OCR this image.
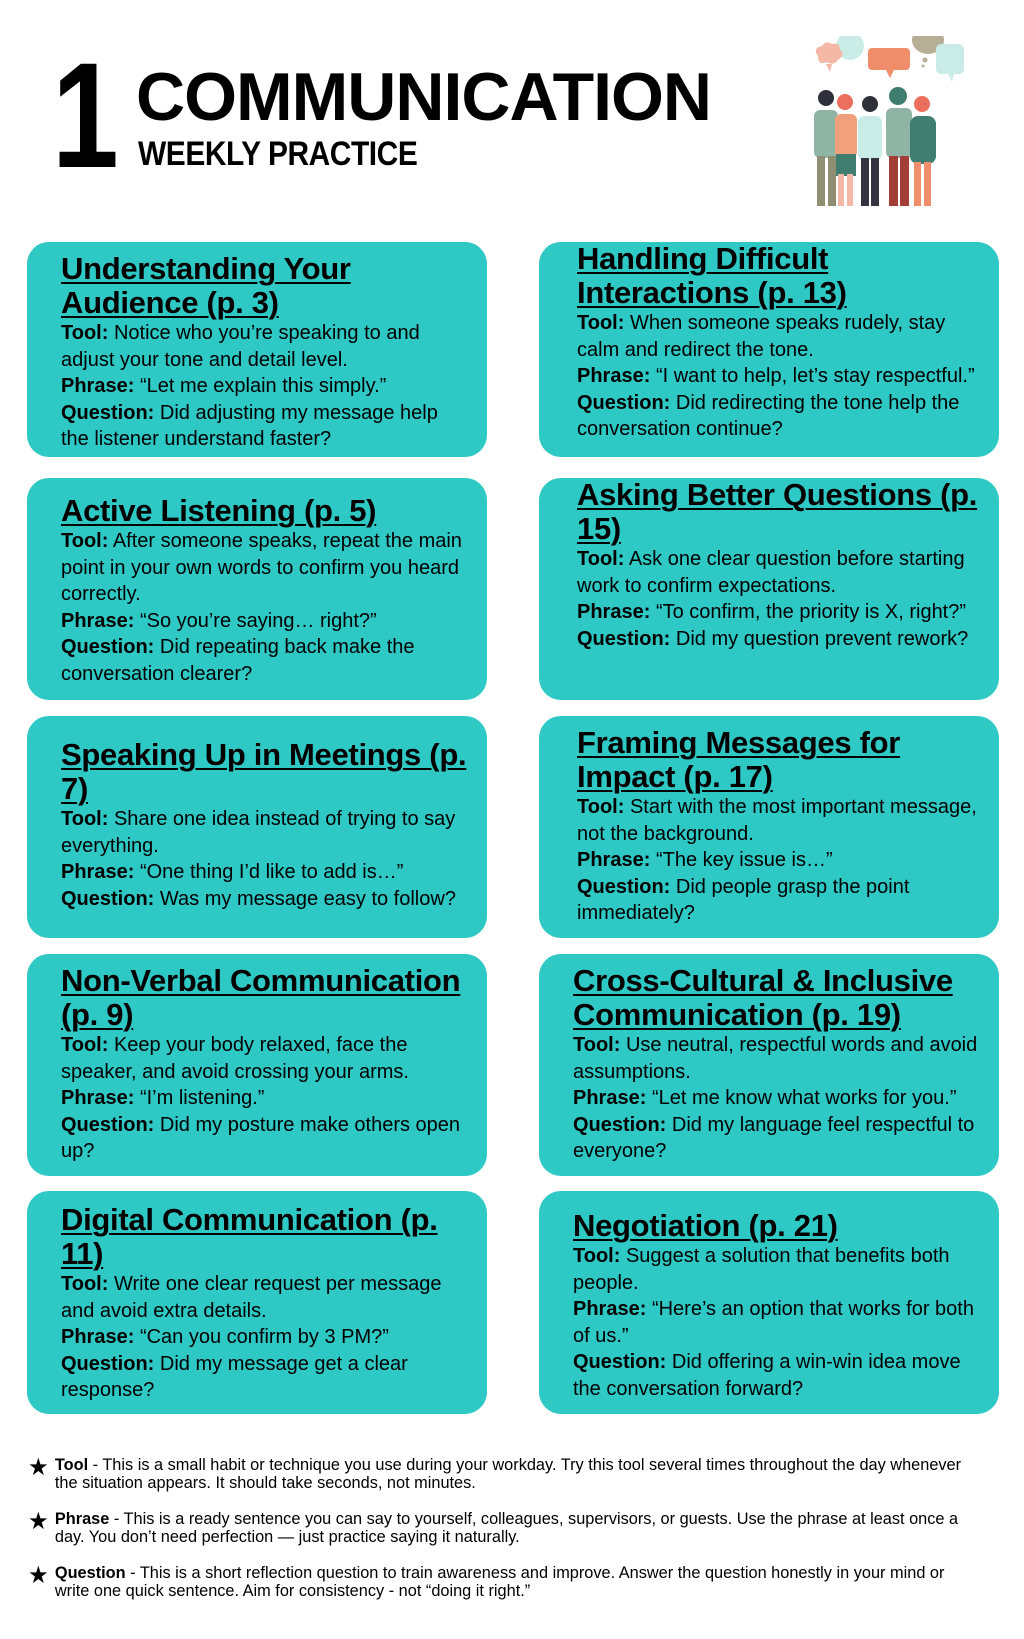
1 COMMUNICATION
WEEKLY PRACTICE

Understanding Your Audience (p. 3)

Tool: Notice who you’re speaking to and adjust your tone and detail level.

Phrase: “Let me explain this simply.”

Question: Did adjusting my message help the listener understand faster?

Handling Difficult Interactions (p. 13)

Tool: When someone speaks rudely, stay calm and redirect the tone.

Phrase: “I want to help, let’s stay respectful.”

Question: Did redirecting the tone help the conversation continue?

Active Listening (p. 5)

Tool: After someone speaks, repeat the main point in your own words to confirm you heard correctly.

Phrase: “So you’re saying… right?”

Question: Did repeating back make the conversation clearer?

Asking Better Questions (p. 15)

Tool: Ask one clear question before starting work to confirm expectations.

Phrase: “To confirm, the priority is X, right?”

Question: Did my question prevent rework?

Speaking Up in Meetings (p. 7)

Tool: Share one idea instead of trying to say everything.

Phrase: “One thing I’d like to add is…”

Question: Was my message easy to follow?

Framing Messages for Impact (p. 17)

Tool: Start with the most important message, not the background.

Phrase: “The key issue is…”

Question: Did people grasp the point immediately?

Non-Verbal Communication (p. 9)

Tool: Keep your body relaxed, face the speaker, and avoid crossing your arms.

Phrase: “I’m listening.”

Question: Did my posture make others open up?

Cross-Cultural & Inclusive Communication (p. 19)

Tool: Use neutral, respectful words and avoid assumptions.

Phrase: “Let me know what works for you.”

Question: Did my language feel respectful to everyone?

Digital Communication (p. 11)

Tool: Write one clear request per message and avoid extra details.

Phrase: “Can you confirm by 3 PM?”

Question: Did my message get a clear response?

Negotiation (p. 21)

Tool: Suggest a solution that benefits both people.

Phrase: “Here’s an option that works for both of us.”

Question: Did offering a win-win idea move the conversation forward?

★ Tool - This is a small habit or technique you use during your workday. Try this tool several times throughout the day whenever the situation appears. It should take seconds, not minutes.
★ Phrase - This is a ready sentence you can say to yourself, colleagues, supervisors, or guests. Use the phrase at least once a day. You don’t need perfection — just practice saying it naturally.
★ Question - This is a short reflection question to train awareness and improve. Answer the question honestly in your mind or write one quick sentence. Aim for consistency - not “doing it right.”
